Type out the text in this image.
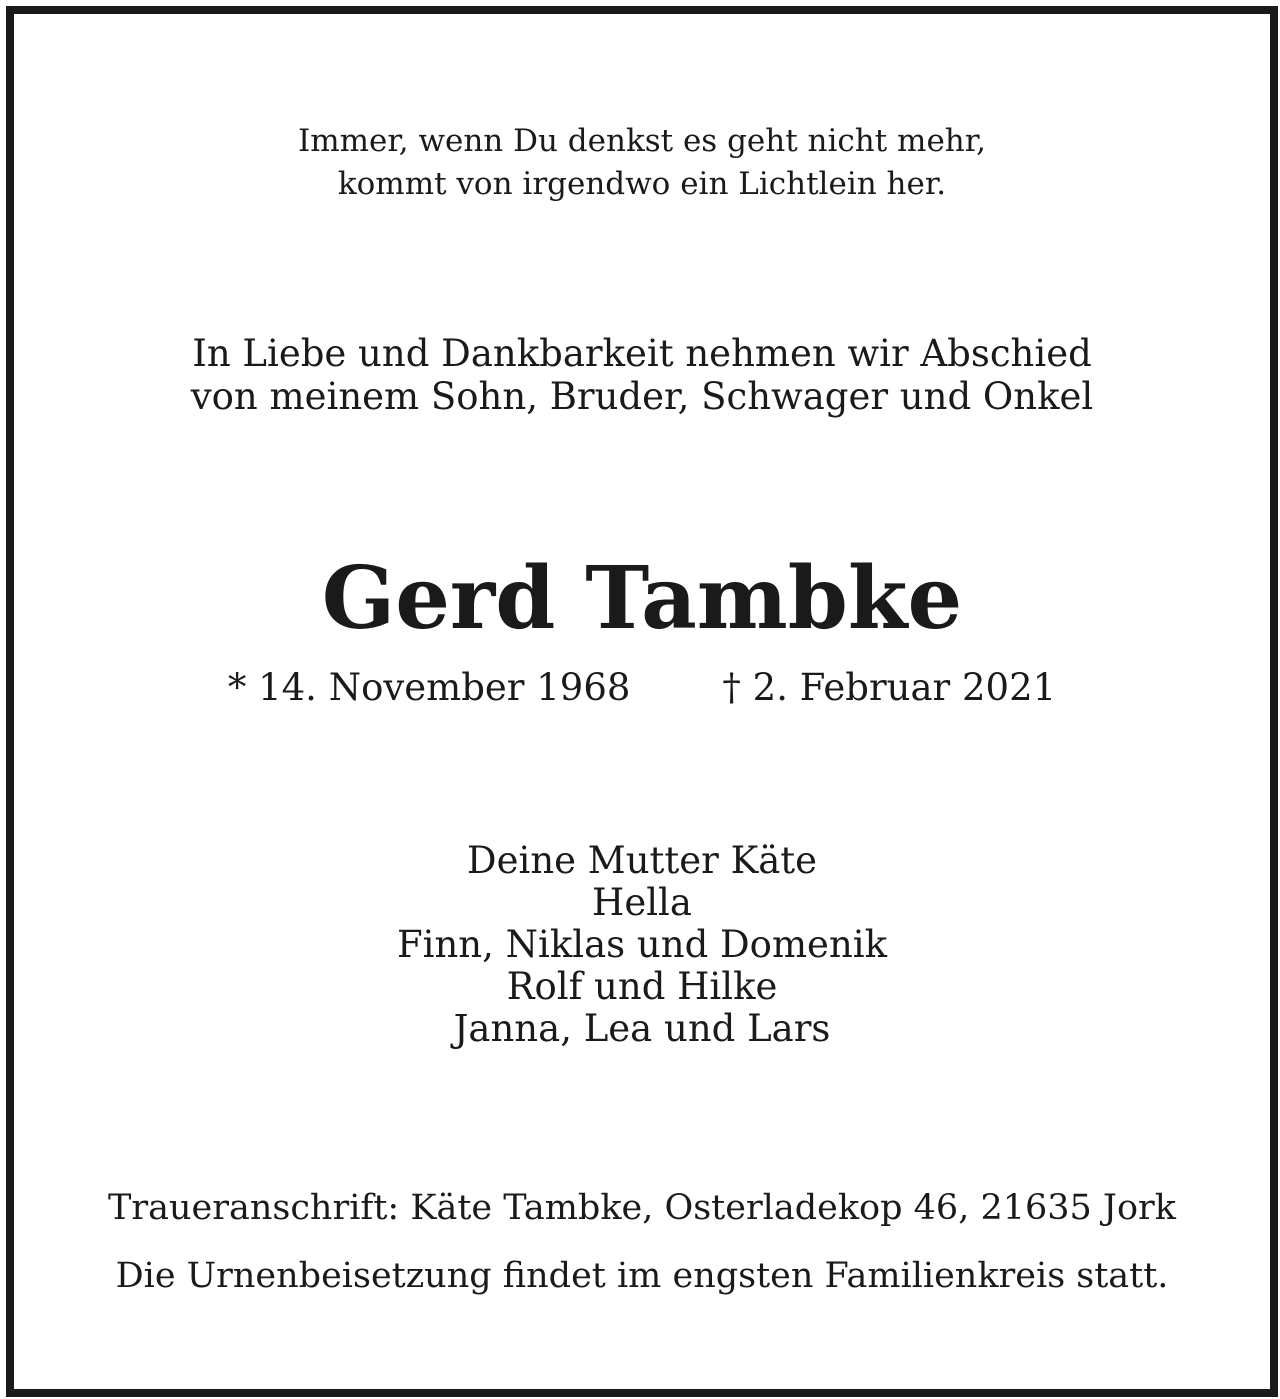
Immer, wenn Du denkst es geht nicht mehr,
kommt von irgendwo ein Lichtlein her.
In Liebe und Dankbarkeit nehmen wir Abschied
von meinem Sohn, Bruder, Schwager und Onkel
Gerd Tambke
* 14. November 1968 † 2. Februar 2021
Deine Mutter Käte
Hella
Finn, Niklas und Domenik
Rolf und Hilke
Janna, Lea und Lars
Traueranschrift: Käte Tambke, Osterladekop 46, 21635 Jork
Die Urnenbeisetzung findet im engsten Familienkreis statt.
